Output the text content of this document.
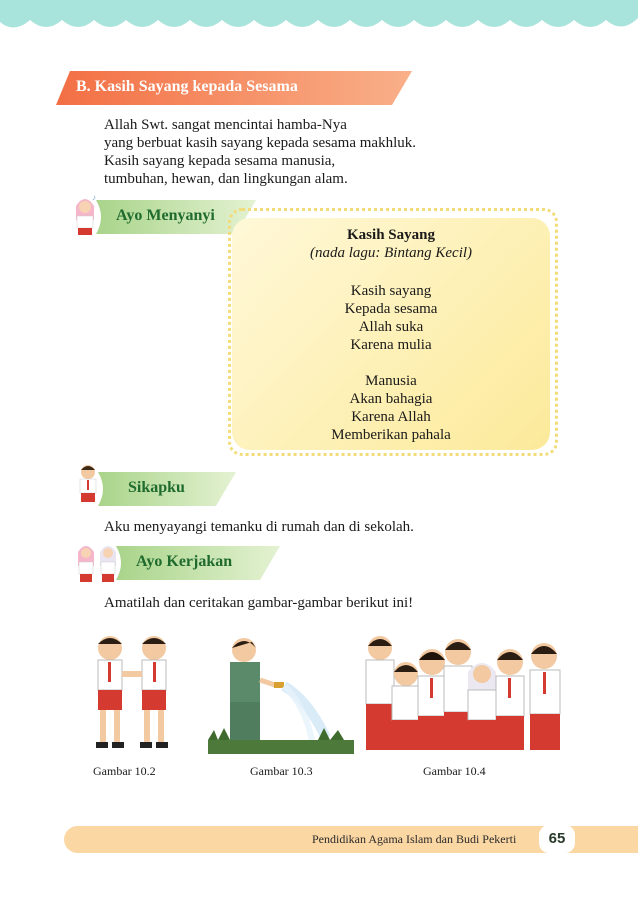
B. Kasih Sayang kepada Sesama
Allah Swt. sangat mencintai hamba-Nya
yang berbuat kasih sayang kepada sesama makhluk.
Kasih sayang kepada sesama manusia,
tumbuhan, hewan, dan lingkungan alam.
♪
Ayo Menyanyi
Kasih Sayang
(nada lagu: Bintang Kecil)
Kasih sayang
Kepada sesama
Allah suka
Karena mulia
Manusia
Akan bahagia
Karena Allah
Memberikan pahala
Sikapku
Aku menyayangi temanku di rumah dan di sekolah.
Ayo Kerjakan
Amatilah dan ceritakan gambar-gambar berikut ini!
Gambar 10.2	Gambar 10.3	Gambar 10.4
Pendidikan Agama Islam dan Budi Pekerti	65
